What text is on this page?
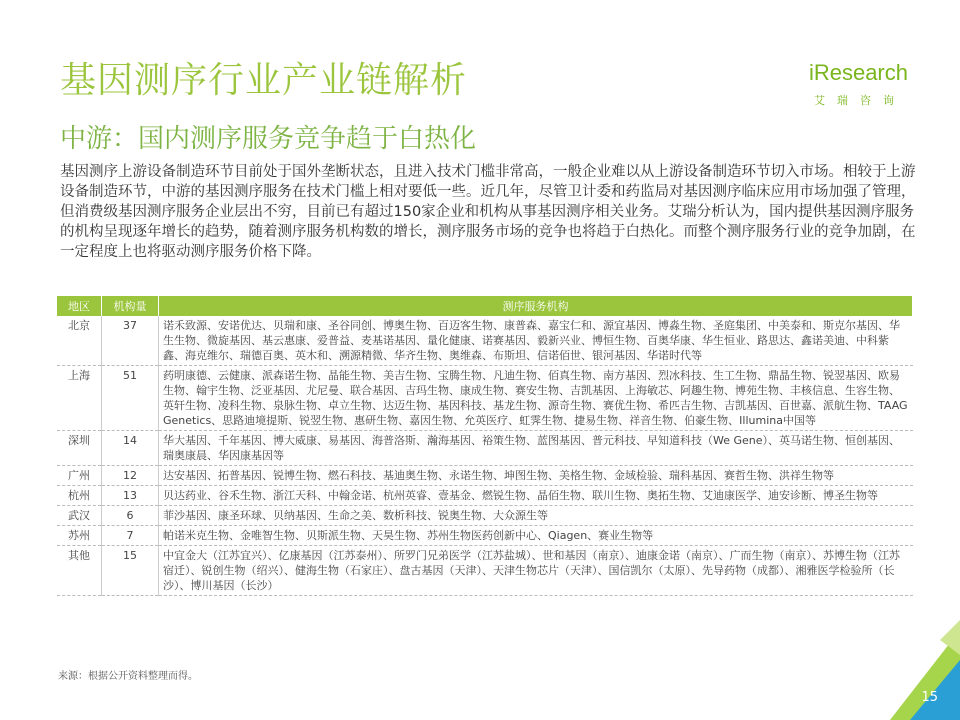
基因测序行业产业链解析
中游：国内测序服务竞争趋于白热化
iResearch
艾瑞咨询
基因测序上游设备制造环节目前处于国外垄断状态，且进入技术门槛非常高，一般企业难以从上游设备制造环节切入市场。相较于上游设备制造环节，中游的基因测序服务在技术门槛上相对要低一些。近几年，尽管卫计委和药监局对基因测序临床应用市场加强了管理，但消费级基因测序服务企业层出不穷，目前已有超过150家企业和机构从事基因测序相关业务。艾瑞分析认为，国内提供基因测序服务的机构呈现逐年增长的趋势，随着测序服务机构数的增长，测序服务市场的竞争也将趋于白热化。而整个测序服务行业的竞争加剧，在一定程度上也将驱动测序服务价格下降。
地区	机构量	测序服务机构
北京	37	诺禾致源、安诺优达、贝瑞和康、圣谷同创、博奥生物、百迈客生物、康普森、嘉宝仁和、源宜基因、博淼生物、圣庭集团、中美泰和、斯克尔基因、华生生物、微旋基因、基云惠康、爱普益、麦基诺基因、量化健康、诺赛基因、毅新兴业、博恒生物、百奥华康、华生恒业、路思达、鑫诺美迪、中科紫鑫、海克维尔、瑞德百奥、英木和、溯源精微、华齐生物、奥维森、布斯坦、信诺佰世、银河基因、华诺时代等
上海	51	药明康德、云健康、派森诺生物、晶能生物、美吉生物、宝腾生物、凡迪生物、佰真生物、南方基因、烈冰科技、生工生物、鼎晶生物、锐翌基因、欧易生物、翰宇生物、泛亚基因、尤尼曼、联合基因、吉玛生物、康成生物、赛安生物、吉凯基因、上海敏芯、阿趣生物、博苑生物、丰核信息、生容生物、英轩生物、凌科生物、泉脉生物、卓立生物、达迈生物、基因科技、基龙生物、源奇生物、赛优生物、希匹吉生物、吉凯基因、百世嘉、派航生物、TAAG Genetics、思路迪境提斯、锐翌生物、惠研生物、嘉因生物、允英医疗、虹霁生物、捷易生物、祥音生物、伯豪生物、Illumina中国等
深圳	14	华大基因、千年基因、博大威康、易基因、海普洛斯、瀚海基因、裕策生物、蓝图基因、普元科技、早知道科技（We Gene）、英马诺生物、恒创基因、瑞奥康晨、华因康基因等
广州	12	达安基因、拓普基因、锐博生物、燃石科技、基迪奥生物、永诺生物、坤图生物、美格生物、金域检验、瑞科基因、赛哲生物、洪祥生物等
杭州	13	贝达药业、谷禾生物、浙江天科、中翰金诺、杭州英睿、壹基金、燃锐生物、晶佰生物、联川生物、奥拓生物、艾迪康医学、迪安诊断、博圣生物等
武汉	6	菲沙基因、康圣环球、贝纳基因、生命之美、数析科技、锐奥生物、大众源生等
苏州	7	帕诺米克生物、金唯智生物、贝斯派生物、天昊生物、苏州生物医药创新中心、Qiagen、赛业生物等
其他	15	中宜金大（江苏宜兴）、亿康基因（江苏泰州）、所罗门兄弟医学（江苏盐城）、世和基因（南京）、迪康金诺（南京）、广而生物（南京）、苏博生物（江苏宿迁）、锐创生物（绍兴）、健海生物（石家庄）、盘古基因（天津）、天津生物芯片（天津）、国信凯尔（太原）、先导药物（成都）、湘雅医学检验所（长沙）、博川基因（长沙）
来源：根据公开资料整理而得。
15
